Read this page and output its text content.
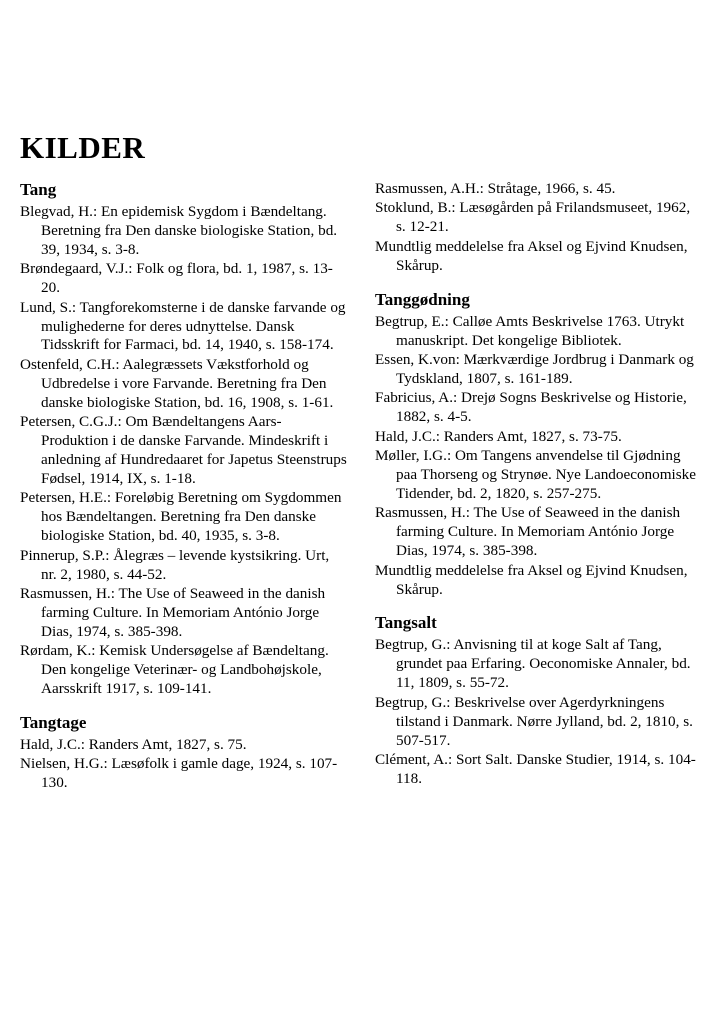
KILDER
Tang

Blegvad, H.: En epidemisk Sygdom i Bændeltang. Beretning fra Den danske biologiske Station, bd. 39, 1934, s. 3-8.

Brøndegaard, V.J.: Folk og flora, bd. 1, 1987, s. 13-20.

Lund, S.: Tangforekomsterne i de danske farvande og mulighederne for deres udnyttelse. Dansk Tidsskrift for Farmaci, bd. 14, 1940, s. 158-174.

Ostenfeld, C.H.: Aalegræssets Vækstforhold og Udbredelse i vore Farvande. Beretning fra Den danske biologiske Station, bd. 16, 1908, s. 1-61.

Petersen, C.G.J.: Om Bændeltangens Aars-Produktion i de danske Farvande. Mindeskrift i anledning af Hundredaaret for Japetus Steenstrups Fødsel, 1914, IX, s. 1-18.

Petersen, H.E.: Foreløbig Beretning om Sygdommen hos Bændeltangen. Beretning fra Den danske biologiske Station, bd. 40, 1935, s. 3-8.

Pinnerup, S.P.: Ålegræs – levende kystsikring. Urt, nr. 2, 1980, s. 44-52.

Rasmussen, H.: The Use of Seaweed in the danish farming Culture. In Memoriam António Jorge Dias, 1974, s. 385-398.

Rørdam, K.: Kemisk Undersøgelse af Bændeltang. Den kongelige Veterinær- og Landbohøjskole, Aarsskrift 1917, s. 109-141.

Tangtage

Hald, J.C.: Randers Amt, 1827, s. 75.

Nielsen, H.G.: Læsøfolk i gamle dage, 1924, s. 107-130.

Rasmussen, A.H.: Stråtage, 1966, s. 45.

Stoklund, B.: Læsøgården på Frilandsmuseet, 1962, s. 12-21.

Mundtlig meddelelse fra Aksel og Ejvind Knudsen, Skårup.

Tanggødning

Begtrup, E.: Calløe Amts Beskrivelse 1763. Utrykt manuskript. Det kongelige Bibliotek.

Essen, K.von: Mærkværdige Jordbrug i Danmark og Tydskland, 1807, s. 161-189.

Fabricius, A.: Drejø Sogns Beskrivelse og Historie, 1882, s. 4-5.

Hald, J.C.: Randers Amt, 1827, s. 73-75.

Møller, I.G.: Om Tangens anvendelse til Gjødning paa Thorseng og Strynøe. Nye Landoeconomiske Tidender, bd. 2, 1820, s. 257-275.

Rasmussen, H.: The Use of Seaweed in the danish farming Culture. In Memoriam António Jorge Dias, 1974, s. 385-398.

Mundtlig meddelelse fra Aksel og Ejvind Knudsen, Skårup.

Tangsalt

Begtrup, G.: Anvisning til at koge Salt af Tang, grundet paa Erfaring. Oeconomiske Annaler, bd. 11, 1809, s. 55-72.

Begtrup, G.: Beskrivelse over Agerdyrkningens tilstand i Danmark. Nørre Jylland, bd. 2, 1810, s. 507-517.

Clément, A.: Sort Salt. Danske Studier, 1914, s. 104-118.
